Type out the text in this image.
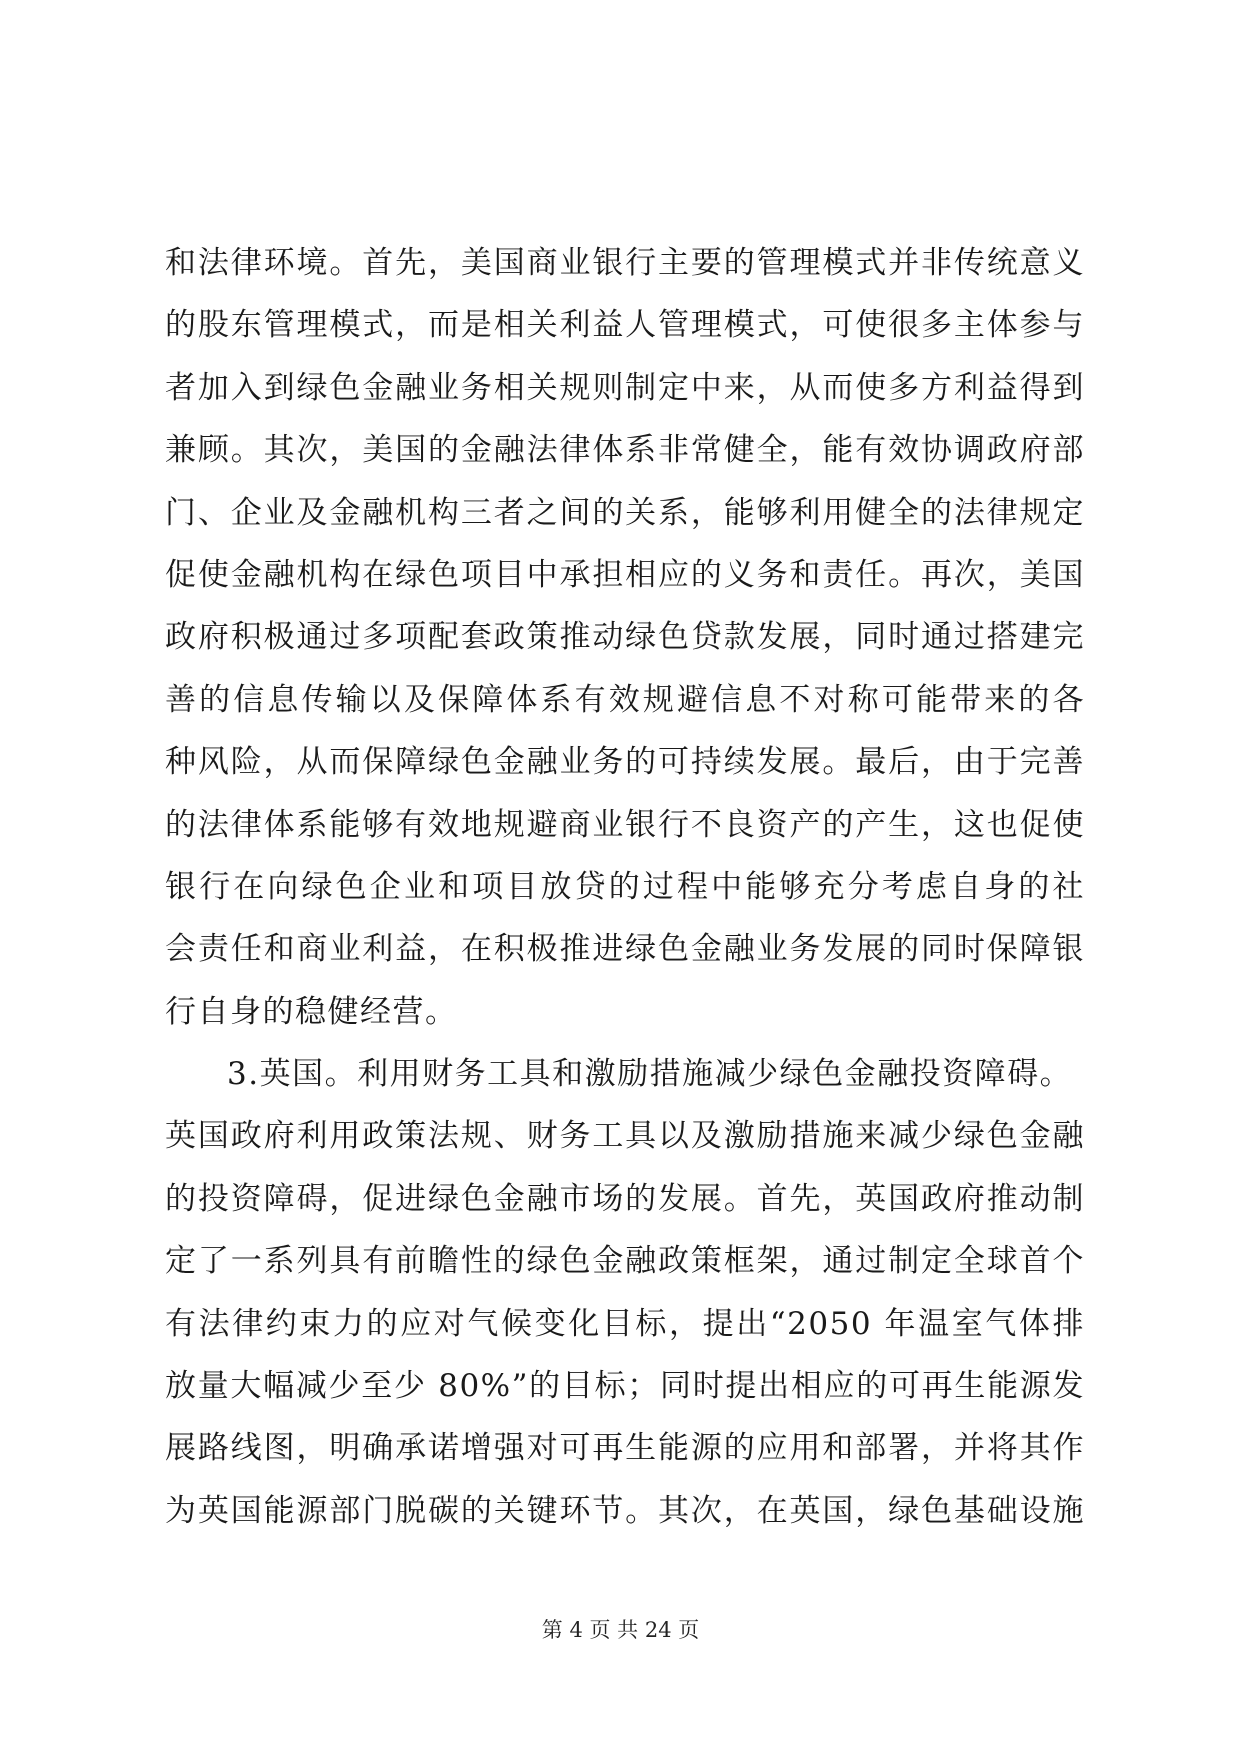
和法律环境。首先，美国商业银行主要的管理模式并非传统意义
的股东管理模式，而是相关利益人管理模式，可使很多主体参与
者加入到绿色金融业务相关规则制定中来，从而使多方利益得到
兼顾。其次，美国的金融法律体系非常健全，能有效协调政府部
门、企业及金融机构三者之间的关系，能够利用健全的法律规定
促使金融机构在绿色项目中承担相应的义务和责任。再次，美国
政府积极通过多项配套政策推动绿色贷款发展，同时通过搭建完
善的信息传输以及保障体系有效规避信息不对称可能带来的各
种风险，从而保障绿色金融业务的可持续发展。最后，由于完善
的法律体系能够有效地规避商业银行不良资产的产生，这也促使
银行在向绿色企业和项目放贷的过程中能够充分考虑自身的社
会责任和商业利益，在积极推进绿色金融业务发展的同时保障银
行自身的稳健经营。
3.英国。利用财务工具和激励措施减少绿色金融投资障碍。
英国政府利用政策法规、财务工具以及激励措施来减少绿色金融
的投资障碍，促进绿色金融市场的发展。首先，英国政府推动制
定了一系列具有前瞻性的绿色金融政策框架，通过制定全球首个
有法律约束力的应对气候变化目标，提出“2050 年温室气体排
放量大幅减少至少 80%”的目标；同时提出相应的可再生能源发
展路线图，明确承诺增强对可再生能源的应用和部署，并将其作
为英国能源部门脱碳的关键环节。其次，在英国，绿色基础设施
第 4 页 共 24 页
